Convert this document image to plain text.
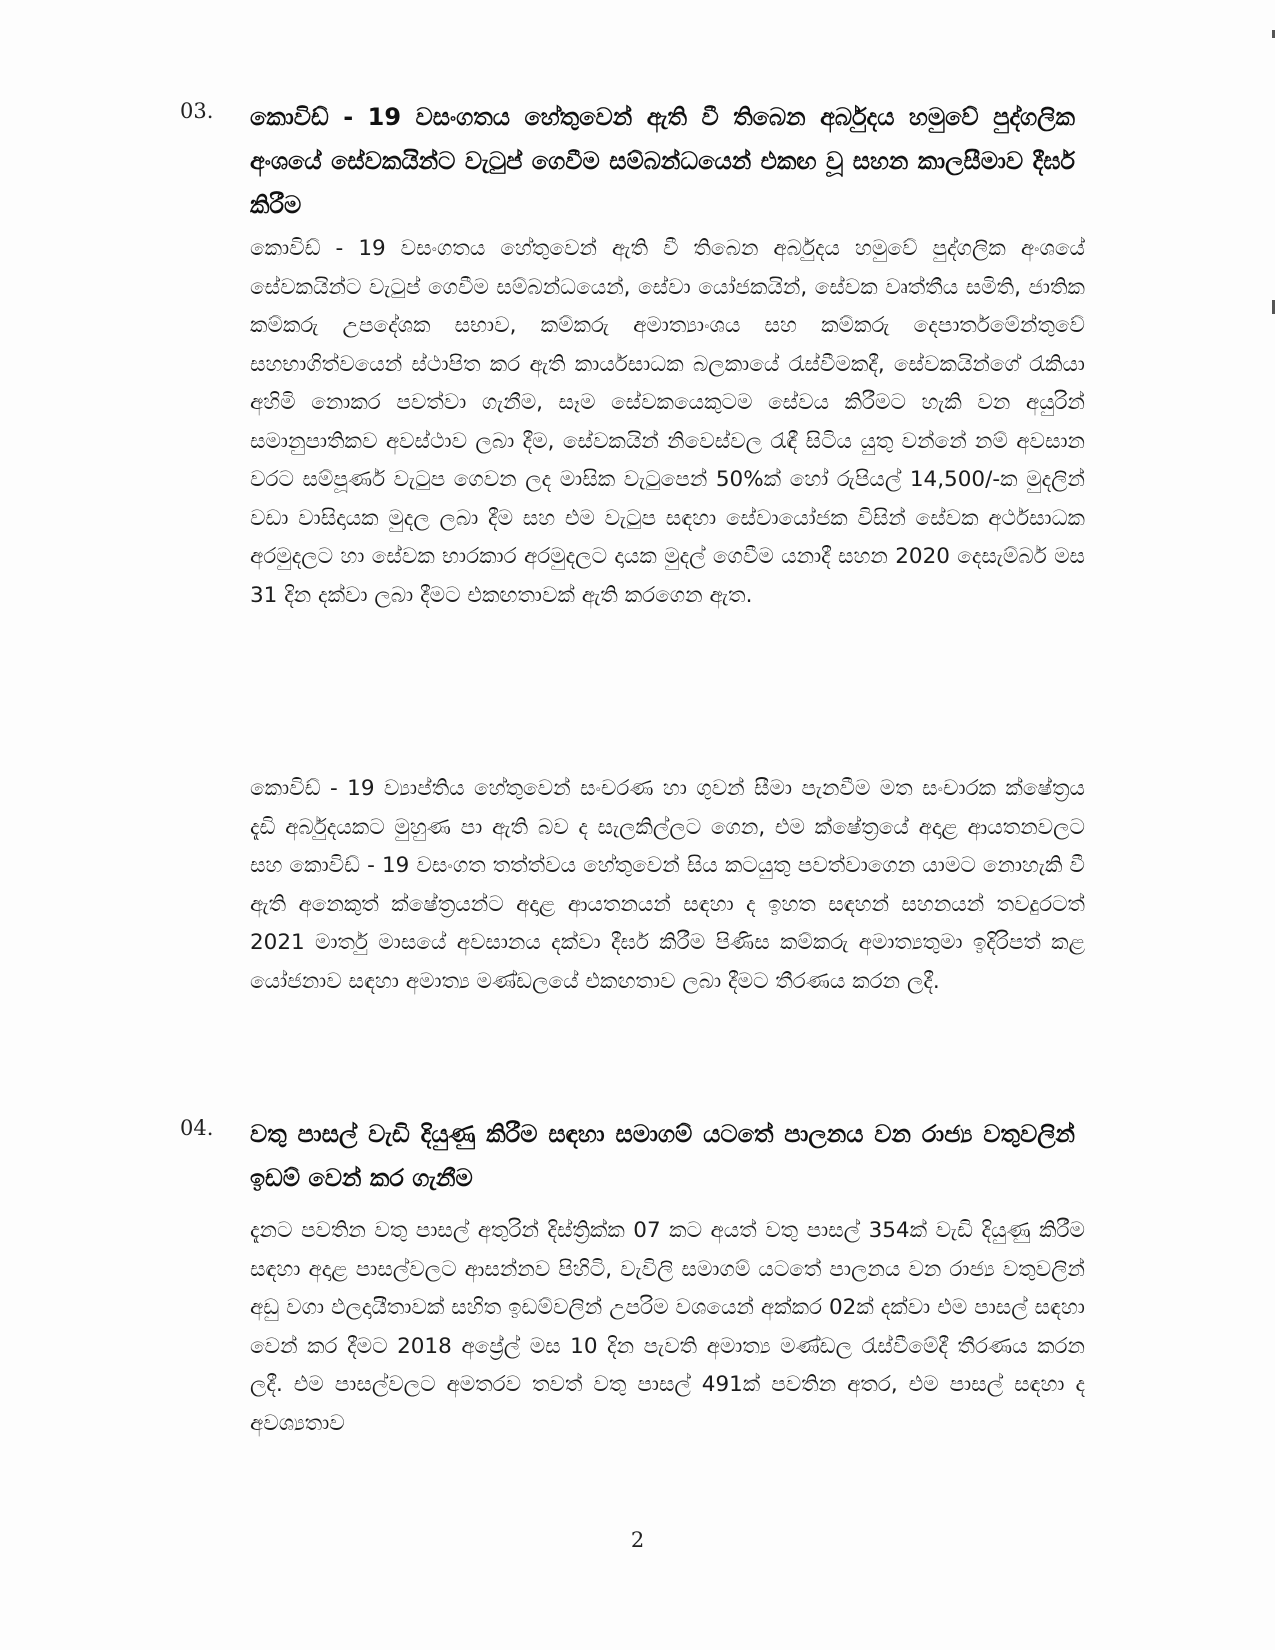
03. කොවිඩ් - 19 වසංගතය හේතුවෙන් ඇති වී තිබෙන අර්බුදය හමුවේ පුද්ගලික අංශයේ සේවකයින්ට වැටුප් ගෙවීම සම්බන්ධයෙන් එකඟ වූ සහන කාලසීමාව දීර්ඝ කිරීම
කොවිඩ් - 19 වසංගතය හේතුවෙන් ඇති වී තිබෙන අර්බුදය හමුවේ පුද්ගලික අංශයේ සේවකයින්ට වැටුප් ගෙවීම සම්බන්ධයෙන්, සේවා යෝජකයින්, සේවක වෘත්තීය සමිති, ජාතික කම්කරු උපදේශක සභාව, කම්කරු අමාත්‍යාංශය සහ කම්කරු දෙපාර්තමේන්තුවේ සහභාගිත්වයෙන් ස්ථාපිත කර ඇති කාර්යසාධක බලකායේ රැස්වීමකදී, සේවකයින්ගේ රැකියා අහිමි නොකර පවත්වා ගැනීම, සෑම සේවකයෙකුටම සේවය කිරීමට හැකි වන අයුරින් සමානුපාතිකව අවස්ථාව ලබා දීම, සේවකයින් නිවෙස්වල රැඳී සිටිය යුතු වන්නේ නම් අවසාන වරට සම්පූර්ණ වැටුප ගෙවන ලද මාසික වැටුපෙන් 50%ක් හෝ රුපියල් 14,500/-ක මුදලින් වඩා වාසිදායක මුදල ලබා දීම සහ එම වැටුප සඳහා සේවායෝජක විසින් සේවක අර්ථසාධක අරමුදලට හා සේවක භාරකාර අරමුදලට දායක මුදල් ගෙවීම යනාදී සහන 2020 දෙසැම්බර් මස 31 දින දක්වා ලබා දීමට එකඟතාවක් ඇති කරගෙන ඇත.
කොවිඩ් - 19 ව්‍යාප්තිය හේතුවෙන් සංචරණ හා ගුවන් සීමා පැනවීම මත සංචාරක ක්ෂේත්‍රය දැඩි අර්බුදයකට මුහුණ පා ඇති බව ද සැලකිල්ලට ගෙන, එම ක්ෂේත්‍රයේ අදාළ ආයතනවලට සහ කොවිඩ් - 19 වසංගත තත්ත්වය හේතුවෙන් සිය කටයුතු පවත්වාගෙන යාමට නොහැකි වී ඇති අනෙකුත් ක්ෂේත්‍රයන්ට අදාළ ආයතනයන් සඳහා ද ඉහත සඳහන් සහනයන් තවදුරටත් 2021 මාර්තු මාසයේ අවසානය දක්වා දීර්ඝ කිරීම පිණිස කම්කරු අමාත්‍යතුමා ඉදිරිපත් කළ යෝජනාව සඳහා අමාත්‍ය මණ්ඩලයේ එකඟතාව ලබා දීමට තීරණය කරන ලදී.
04. වතු පාසල් වැඩි දියුණු කිරීම සඳහා සමාගම් යටතේ පාලනය වන රාජ්‍ය වතුවලින් ඉඩම් වෙන් කර ගැනීම
දැනට පවතින වතු පාසල් අතුරින් දිස්ත්‍රික්ක 07 කට අයත් වතු පාසල් 354ක් වැඩි දියුණු කිරීම සඳහා අදාළ පාසල්වලට ආසන්නව පිහිටි, වැවිලි සමාගම් යටතේ පාලනය වන රාජ්‍ය වතුවලින් අඩු වගා ඵලදායීතාවක් සහිත ඉඩම්වලින් උපරිම වශයෙන් අක්කර 02ක් දක්වා එම පාසල් සඳහා වෙන් කර දීමට 2018 අප්‍රේල් මස 10 දින පැවති අමාත්‍ය මණ්ඩල රැස්වීමේදී තීරණය කරන ලදී. එම පාසල්වලට අමතරව තවත් වතු පාසල් 491ක් පවතින අතර, එම පාසල් සඳහා ද අවශ්‍යතාව
2
